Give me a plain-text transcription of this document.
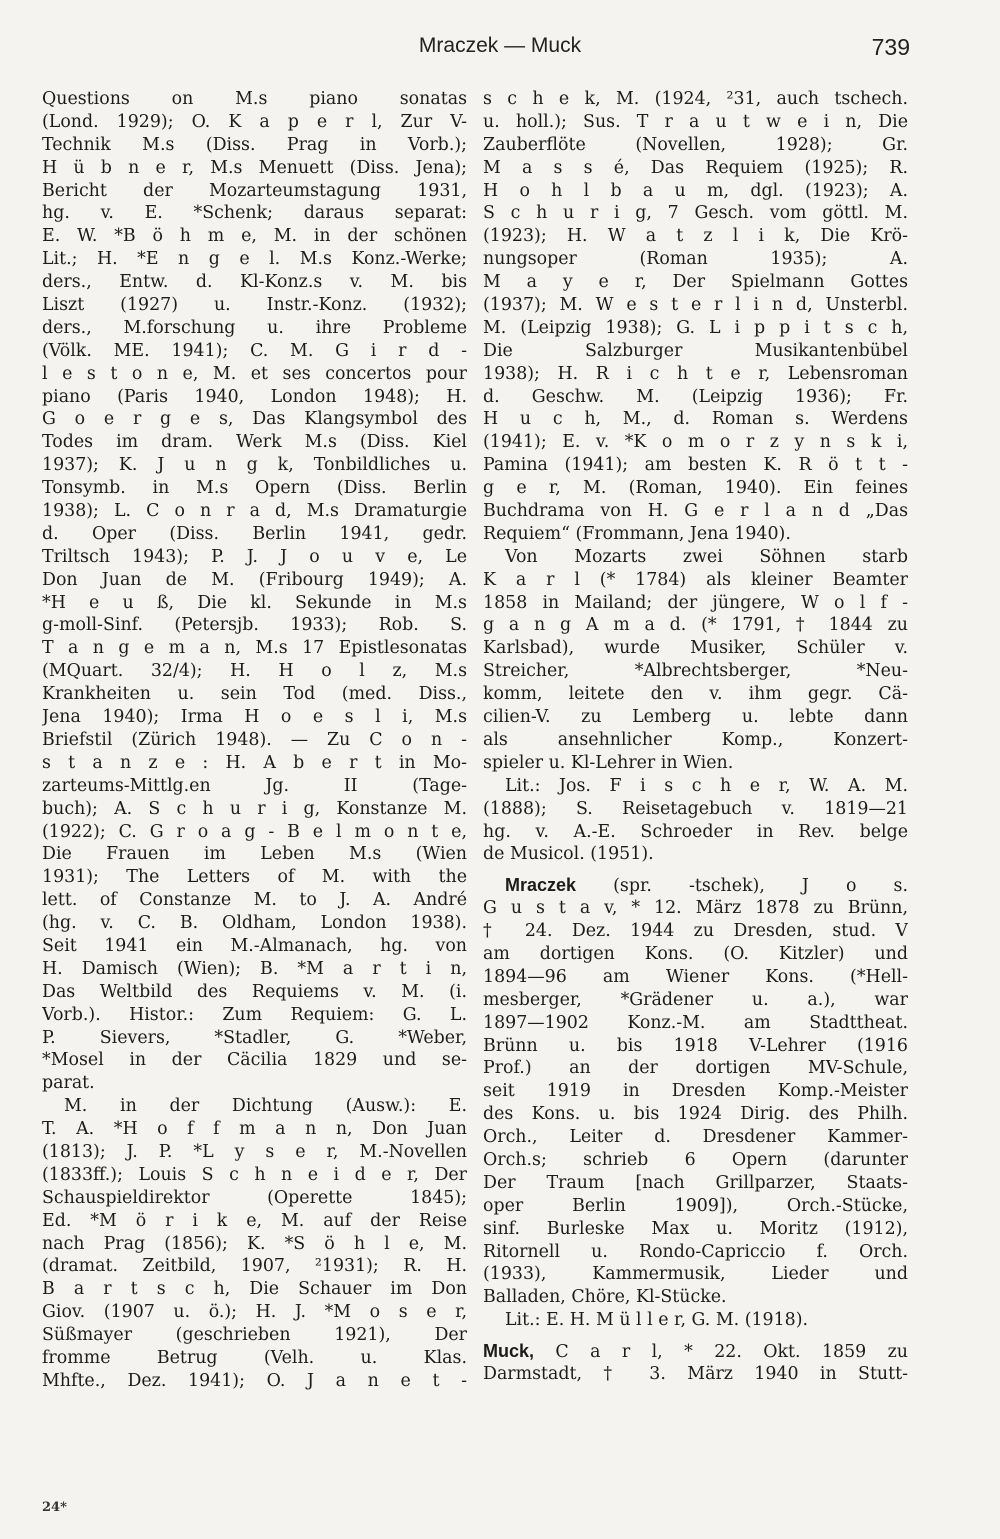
Mraczek — Muck	739
Questions on M.s piano sonatas
(Lond. 1929); O. K a p e r l, Zur V-
Technik M.s (Diss. Prag in Vorb.);
H ü b n e r, M.s Menuett (Diss. Jena);
Bericht der Mozarteumstagung 1931,
hg. v. E. *Schenk; daraus separat:
E. W. *B ö h m e, M. in der schönen
Lit.; H. *E n g e l. M.s Konz.-Werke;
ders., Entw. d. Kl-Konz.s v. M. bis
Liszt (1927) u. Instr.-Konz. (1932);
ders., M.forschung u. ihre Probleme
(Völk. ME. 1941); C. M. G i r d -
l e s t o n e, M. et ses concertos pour
piano (Paris 1940, London 1948); H.
G o e r g e s, Das Klangsymbol des
Todes im dram. Werk M.s (Diss. Kiel
1937); K. J u n g k, Tonbildliches u.
Tonsymb. in M.s Opern (Diss. Berlin
1938); L. C o n r a d, M.s Dramaturgie
d. Oper (Diss. Berlin 1941, gedr.
Triltsch 1943); P. J. J o u v e, Le
Don Juan de M. (Fribourg 1949); A.
*H e u ß, Die kl. Sekunde in M.s
g-moll-Sinf. (Petersjb. 1933); Rob. S.
T a n g e m a n, M.s 17 Epistlesonatas
(MQuart. 32/4); H. H o l z, M.s
Krankheiten u. sein Tod (med. Diss.,
Jena 1940); Irma H o e s l i, M.s
Briefstil (Zürich 1948). — Zu C o n -
s t a n z e : H. A b e r t in Mo-
zarteums-Mittlg.en Jg. II (Tage-
buch); A. S c h u r i g, Konstanze M.
(1922); C. G r o a g - B e l m o n t e,
Die Frauen im Leben M.s (Wien
1931); The Letters of M. with the
lett. of Constanze M. to J. A. André
(hg. v. C. B. Oldham, London 1938).
Seit 1941 ein M.-Almanach, hg. von
H. Damisch (Wien); B. *M a r t i n,
Das Weltbild des Requiems v. M. (i.
Vorb.). Histor.: Zum Requiem: G. L.
P. Sievers, *Stadler, G. *Weber,
*Mosel in der Cäcilia 1829 und se-
parat.
M. in der Dichtung (Ausw.): E.
T. A. *H o f f m a n n, Don Juan
(1813); J. P. *L y s e r, M.-Novellen
(1833ff.); Louis S c h n e i d e r, Der
Schauspieldirektor (Operette 1845);
Ed. *M ö r i k e, M. auf der Reise
nach Prag (1856); K. *S ö h l e, M.
(dramat. Zeitbild, 1907, ²1931); R. H.
B a r t s c h, Die Schauer im Don
Giov. (1907 u. ö.); H. J. *M o s e r,
Süßmayer (geschrieben 1921), Der
fromme Betrug (Velh. u. Klas.
Mhfte., Dez. 1941); O. J a n e t -
s c h e k, M. (1924, ²31, auch tschech.
u. holl.); Sus. T r a u t w e i n, Die
Zauberflöte (Novellen, 1928); Gr.
M a s s é, Das Requiem (1925); R.
H o h l b a u m, dgl. (1923); A.
S c h u r i g, 7 Gesch. vom göttl. M.
(1923); H. W a t z l i k, Die Krö-
nungsoper (Roman 1935); A.
M a y e r, Der Spielmann Gottes
(1937); M. W e s t e r l i n d, Unsterbl.
M. (Leipzig 1938); G. L i p p i t s c h,
Die Salzburger Musikantenbübel
1938); H. R i c h t e r, Lebensroman
d. Geschw. M. (Leipzig 1936); Fr.
H u c h, M., d. Roman s. Werdens
(1941); E. v. *K o m o r z y n s k i,
Pamina (1941); am besten K. R ö t t -
g e r, M. (Roman, 1940). Ein feines
Buchdrama von H. G e r l a n d „Das
Requiem“ (Frommann, Jena 1940).
Von Mozarts zwei Söhnen starb
K a r l (* 1784) als kleiner Beamter
1858 in Mailand; der jüngere, W o l f -
g a n g A m a d. (* 1791, † 1844 zu
Karlsbad), wurde Musiker, Schüler v.
Streicher, *Albrechtsberger, *Neu-
komm, leitete den v. ihm gegr. Cä-
cilien-V. zu Lemberg u. lebte dann
als ansehnlicher Komp., Konzert-
spieler u. Kl-Lehrer in Wien.
Lit.: Jos. F i s c h e r, W. A. M.
(1888); S. Reisetagebuch v. 1819—21
hg. v. A.-E. Schroeder in Rev. belge
de Musicol. (1951).
Mraczek (spr. -tschek), J o s.
G u s t a v, * 12. März 1878 zu Brünn,
† 24. Dez. 1944 zu Dresden, stud. V
am dortigen Kons. (O. Kitzler) und
1894—96 am Wiener Kons. (*Hell-
mesberger, *Grädener u. a.), war
1897—1902 Konz.-M. am Stadttheat.
Brünn u. bis 1918 V-Lehrer (1916
Prof.) an der dortigen MV-Schule,
seit 1919 in Dresden Komp.-Meister
des Kons. u. bis 1924 Dirig. des Philh.
Orch., Leiter d. Dresdener Kammer-
Orch.s; schrieb 6 Opern (darunter
Der Traum [nach Grillparzer, Staats-
oper Berlin 1909]), Orch.-Stücke,
sinf. Burleske Max u. Moritz (1912),
Ritornell u. Rondo-Capriccio f. Orch.
(1933), Kammermusik, Lieder und
Balladen, Chöre, Kl-Stücke.
Lit.: E. H. M ü l l e r, G. M. (1918).
Muck, C a r l, * 22. Okt. 1859 zu
Darmstadt, † 3. März 1940 in Stutt-
24*
